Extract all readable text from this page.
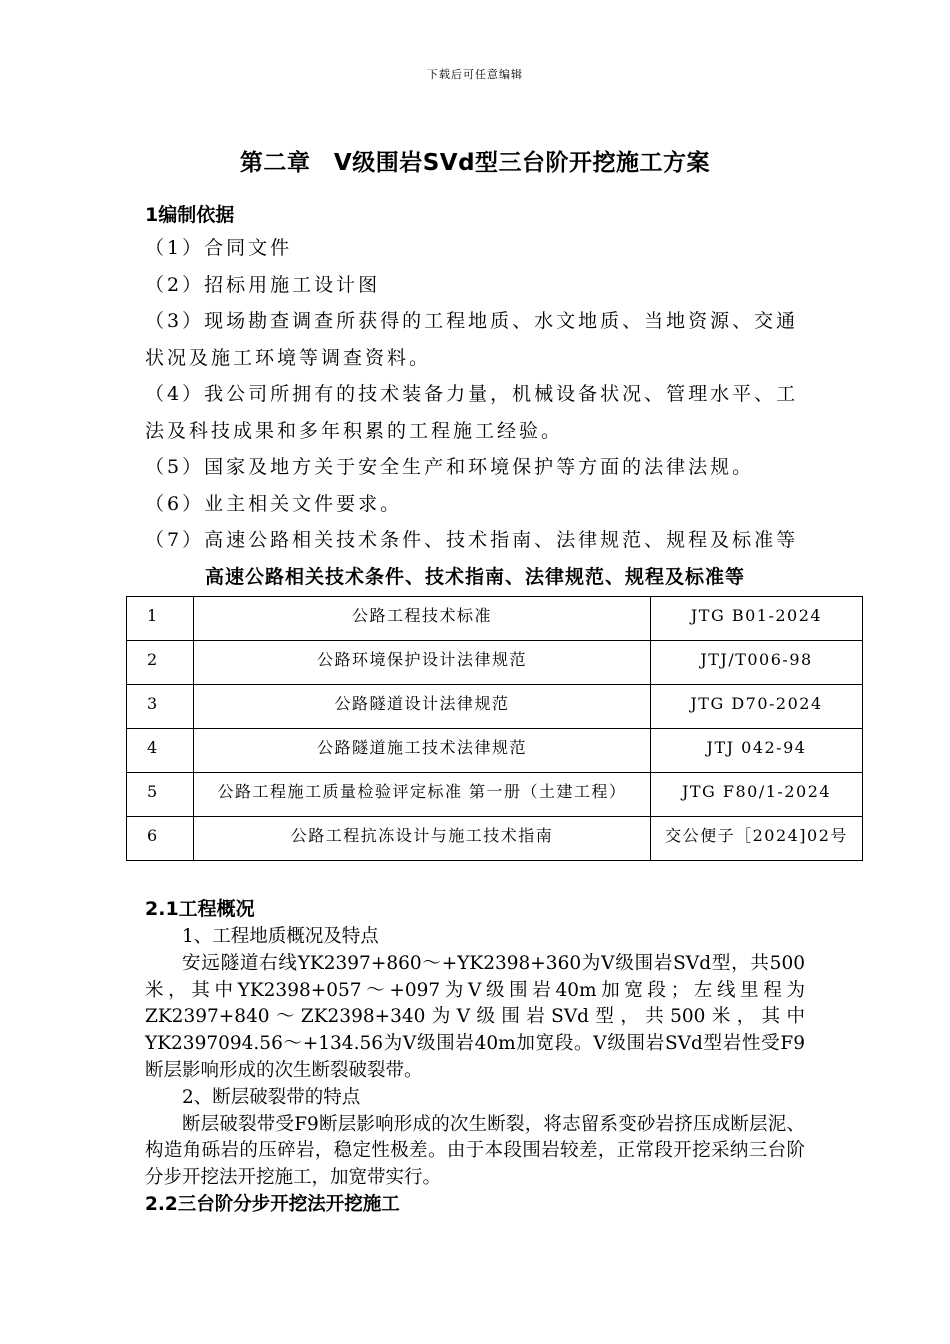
下载后可任意编辑
第二章　Ⅴ级围岩SVd型三台阶开挖施工方案
1编制依据

（1）合同文件

（2）招标用施工设计图

（3）现场勘查调查所获得的工程地质、水文地质、当地资源、交通状况及施工环境等调查资料。

（4）我公司所拥有的技术装备力量，机械设备状况、管理水平、工法及科技成果和多年积累的工程施工经验。

（5）国家及地方关于安全生产和环境保护等方面的法律法规。

（6）业主相关文件要求。

（7）高速公路相关技术条件、技术指南、法律规范、规程及标准等

高速公路相关技术条件、技术指南、法律规范、规程及标准等
1	公路工程技术标准	JTG B01-2024
2	公路环境保护设计法律规范	JTJ/T006-98
3	公路隧道设计法律规范	JTG D70-2024
4	公路隧道施工技术法律规范	JTJ 042-94
5	公路工程施工质量检验评定标准 第一册（土建工程）	JTG F80/1-2024
6	公路工程抗冻设计与施工技术指南	交公便子［2024]02号
2.1工程概况

1、工程地质概况及特点

安远隧道右线YK2397+860～+YK2398+360为Ⅴ级围岩SVd型，共500米，其中YK2398+057～+097为Ⅴ级围岩40m加宽段；左线里程为ZK2397+840～ZK2398+340为Ⅴ级围岩SVd型，共500米，其中YK2397094.56～+134.56为Ⅴ级围岩40m加宽段。Ⅴ级围岩SVd型岩性受F9断层影响形成的次生断裂破裂带。

2、断层破裂带的特点

断层破裂带受F9断层影响形成的次生断裂，将志留系变砂岩挤压成断层泥、构造角砾岩的压碎岩，稳定性极差。由于本段围岩较差，正常段开挖采纳三台阶分步开挖法开挖施工，加宽带实行。

2.2三台阶分步开挖法开挖施工
